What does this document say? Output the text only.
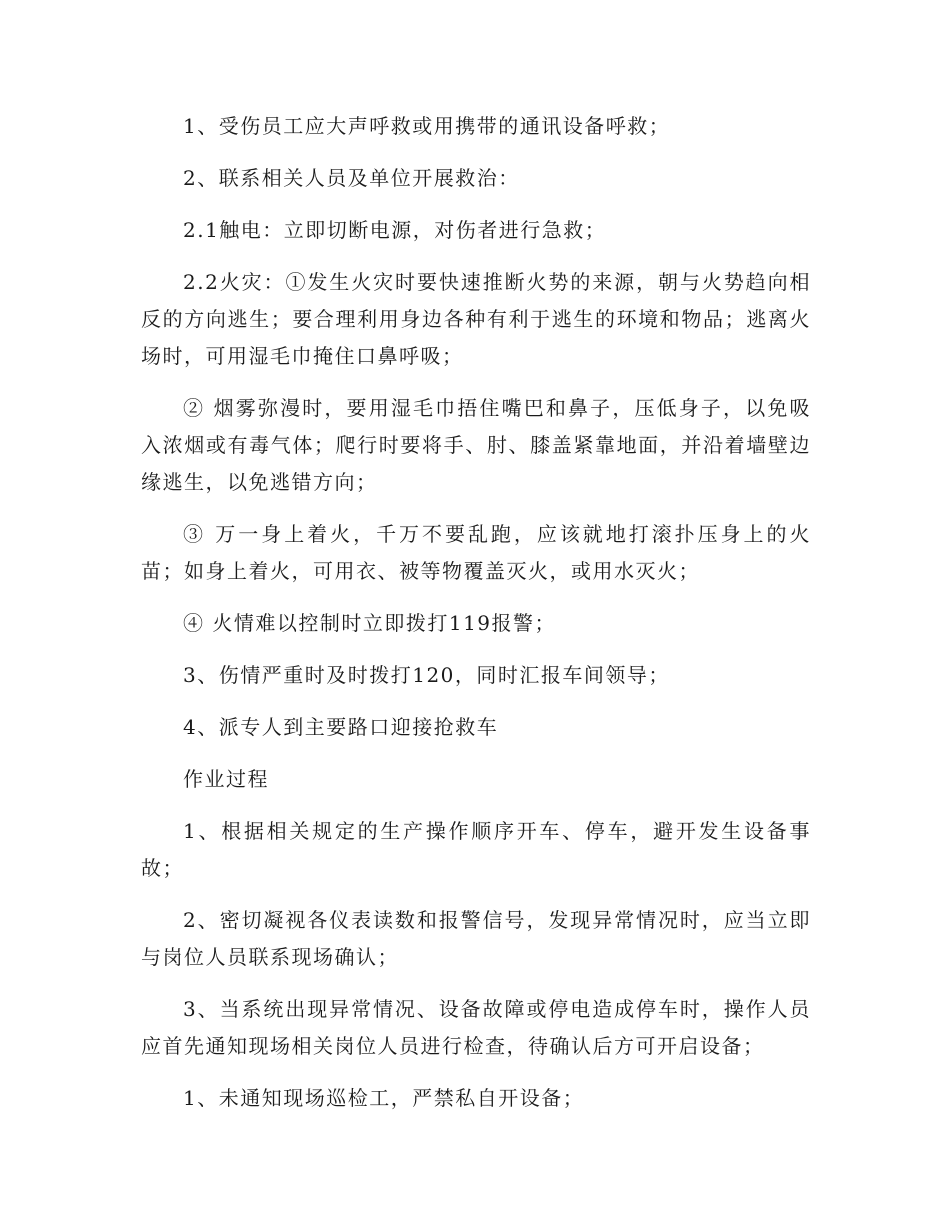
1、受伤员工应大声呼救或用携带的通讯设备呼救；

2、联系相关人员及单位开展救治：

2.1触电：立即切断电源，对伤者进行急救；

2.2火灾：①发生火灾时要快速推断火势的来源，朝与火势趋向相反的方向逃生；要合理利用身边各种有利于逃生的环境和物品；逃离火场时，可用湿毛巾掩住口鼻呼吸；

② 烟雾弥漫时，要用湿毛巾捂住嘴巴和鼻子，压低身子，以免吸入浓烟或有毒气体；爬行时要将手、肘、膝盖紧靠地面，并沿着墙壁边缘逃生，以免逃错方向；

③ 万一身上着火，千万不要乱跑，应该就地打滚扑压身上的火苗；如身上着火，可用衣、被等物覆盖灭火，或用水灭火；

④ 火情难以控制时立即拨打119报警；

3、伤情严重时及时拨打120，同时汇报车间领导；

4、派专人到主要路口迎接抢救车

作业过程

1、根据相关规定的生产操作顺序开车、停车，避开发生设备事故；

2、密切凝视各仪表读数和报警信号，发现异常情况时，应当立即与岗位人员联系现场确认；

3、当系统出现异常情况、设备故障或停电造成停车时，操作人员应首先通知现场相关岗位人员进行检查，待确认后方可开启设备；

1、未通知现场巡检工，严禁私自开设备；
